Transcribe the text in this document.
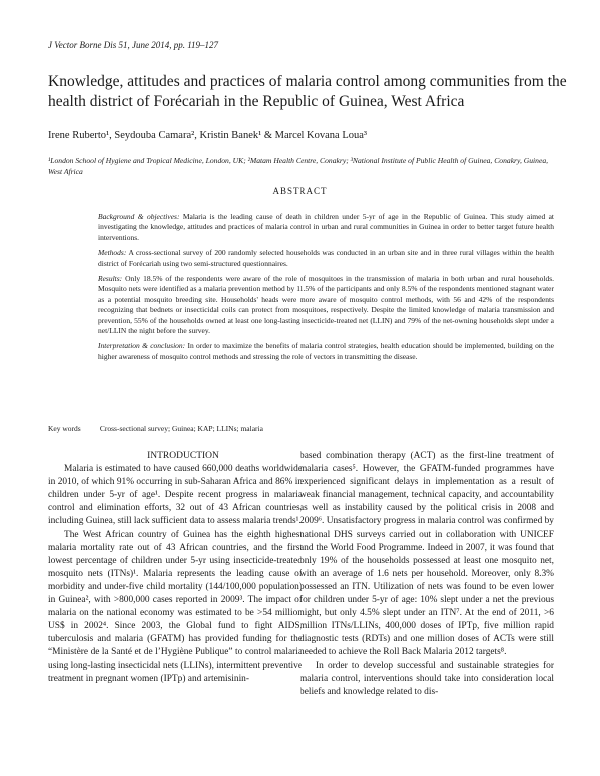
J Vector Borne Dis 51, June 2014, pp. 119–127
Knowledge, attitudes and practices of malaria control among communities from the health district of Forécariah in the Republic of Guinea, West Africa
Irene Ruberto¹, Seydouba Camara², Kristin Banek¹ & Marcel Kovana Loua³
¹London School of Hygiene and Tropical Medicine, London, UK; ²Matam Health Centre, Conakry; ³National Institute of Public Health of Guinea, Conakry, Guinea, West Africa
ABSTRACT

Background & objectives: Malaria is the leading cause of death in children under 5-yr of age in the Republic of Guinea. This study aimed at investigating the knowledge, attitudes and practices of malaria control in urban and rural communities in Guinea in order to better target future health interventions.

Methods: A cross-sectional survey of 200 randomly selected households was conducted in an urban site and in three rural villages within the health district of Forécariah using two semi-structured questionnaires.

Results: Only 18.5% of the respondents were aware of the role of mosquitoes in the transmission of malaria in both urban and rural households. Mosquito nets were identified as a malaria prevention method by 11.5% of the participants and only 8.5% of the respondents mentioned stagnant water as a potential mosquito breeding site. Households' heads were more aware of mosquito control methods, with 56 and 42% of the respondents recognizing that bednets or insecticidal coils can protect from mosquitoes, respectively. Despite the limited knowledge of malaria transmission and prevention, 55% of the households owned at least one long-lasting insecticide-treated net (LLIN) and 79% of the net-owning households slept under a net/LLIN the night before the survey.

Interpretation & conclusion: In order to maximize the benefits of malaria control strategies, health education should be implemented, building on the higher awareness of mosquito control methods and stressing the role of vectors in transmitting the disease.

Key words	Cross-sectional survey; Guinea; KAP; LLINs; malaria

INTRODUCTION

Malaria is estimated to have caused 660,000 deaths worldwide in 2010, of which 91% occurring in sub-Saharan Africa and 86% in children under 5-yr of age¹. Despite recent progress in malaria control and elimination efforts, 32 out of 43 African countries, including Guinea, still lack sufficient data to assess malaria trends¹.

The West African country of Guinea has the eighth highest malaria mortality rate out of 43 African countries, and the first lowest percentage of children under 5-yr using insecticide-treated mosquito nets (ITNs)¹. Malaria represents the leading cause of morbidity and under-five child mortality (144/100,000 population) in Guinea², with >800,000 cases reported in 2009³. The impact of malaria on the national economy was estimated to be >54 million US$ in 2002⁴. Since 2003, the Global fund to fight AIDS, tuberculosis and malaria (GFATM) has provided funding for the “Ministère de la Santé et de l’Hygiène Publique” to control malaria using long-lasting insecticidal nets (LLINs), intermittent preventive treatment in pregnant women (IPTp) and artemisinin-

based combination therapy (ACT) as the first-line treatment of malaria cases⁵. However, the GFATM-funded programmes have experienced significant delays in implementation as a result of weak financial management, technical capacity, and accountability as well as instability caused by the political crisis in 2008 and 2009⁶. Unsatisfactory progress in malaria control was confirmed by national DHS surveys carried out in collaboration with UNICEF and the World Food Programme. Indeed in 2007, it was found that only 19% of the households possessed at least one mosquito net, with an average of 1.6 nets per household. Moreover, only 8.3% possessed an ITN. Utilization of nets was found to be even lower for children under 5-yr of age: 10% slept under a net the previous night, but only 4.5% slept under an ITN⁷. At the end of 2011, >6 million ITNs/LLINs, 400,000 doses of IPTp, five million rapid diagnostic tests (RDTs) and one million doses of ACTs were still needed to achieve the Roll Back Malaria 2012 targets⁸.

In order to develop successful and sustainable strategies for malaria control, interventions should take into consideration local beliefs and knowledge related to dis-
